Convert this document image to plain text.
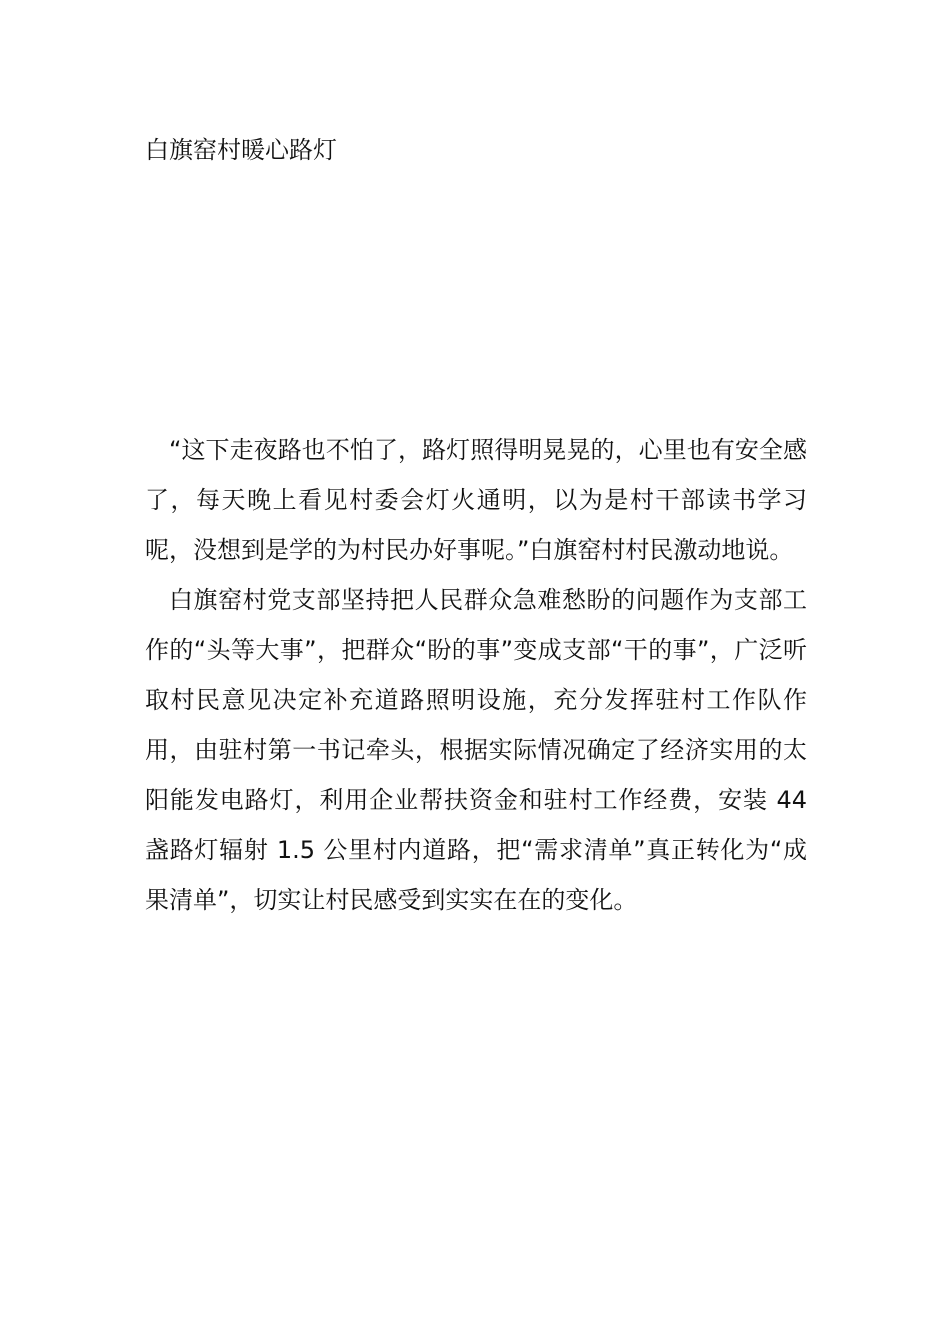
白旗窑村暖心路灯

“这下走夜路也不怕了，路灯照得明晃晃的，心里也有安全感了，每天晚上看见村委会灯火通明，以为是村干部读书学习呢，没想到是学的为村民办好事呢。”白旗窑村村民激动地说。

白旗窑村党支部坚持把人民群众急难愁盼的问题作为支部工作的“头等大事”，把群众“盼的事”变成支部“干的事”，广泛听取村民意见决定补充道路照明设施，充分发挥驻村工作队作用，由驻村第一书记牵头，根据实际情况确定了经济实用的太阳能发电路灯，利用企业帮扶资金和驻村工作经费，安装 44 盏路灯辐射 1.5 公里村内道路，把“需求清单”真正转化为“成果清单”，切实让村民感受到实实在在的变化。
